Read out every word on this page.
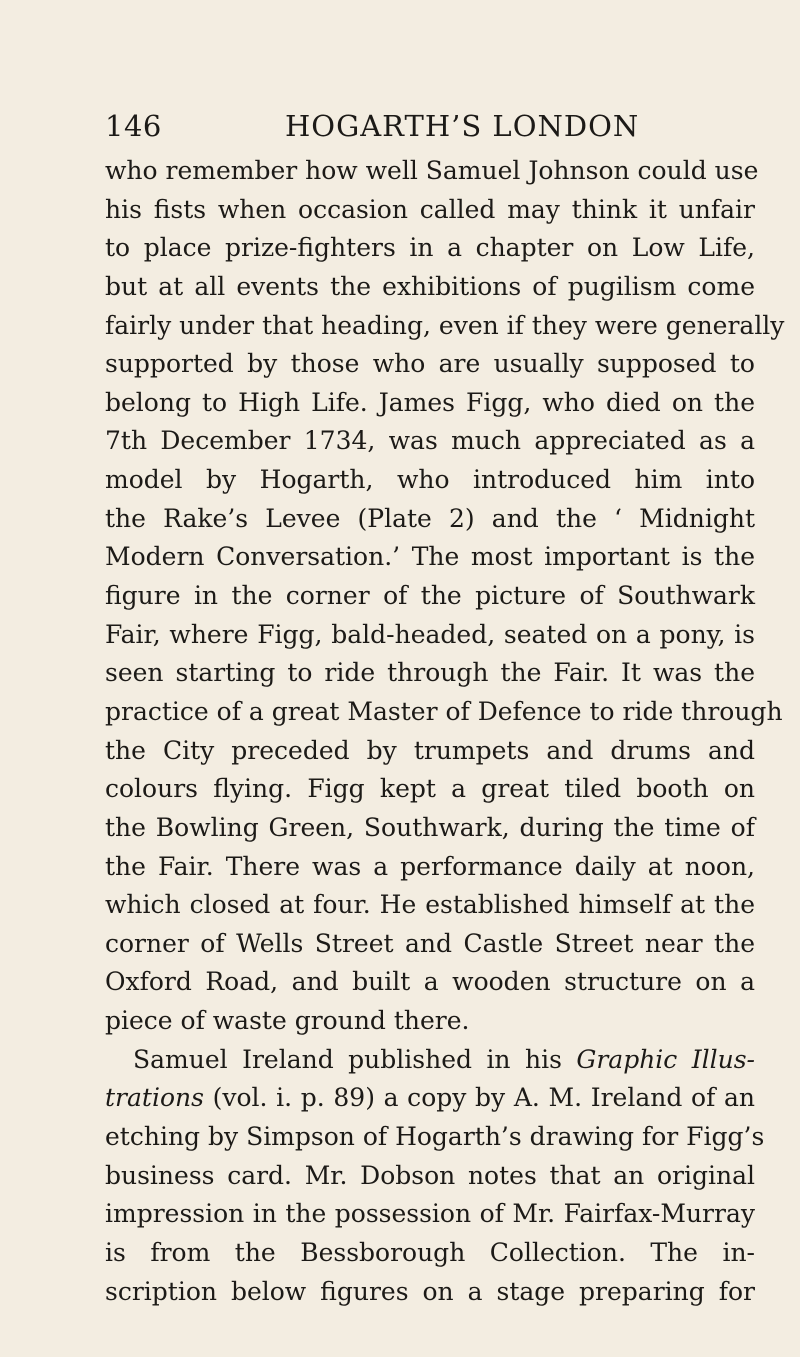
146	HOGARTH’S LONDON
who remember how well Samuel Johnson could use
his fists when occasion called may think it unfair
to place prize-fighters in a chapter on Low Life,
but at all events the exhibitions of pugilism come
fairly under that heading, even if they were generally
supported by those who are usually supposed to
belong to High Life. James Figg, who died on the
7th December 1734, was much appreciated as a
model by Hogarth, who introduced him into
the Rake’s Levee (Plate 2) and the ‘ Midnight
Modern Conversation.’ The most important is the
figure in the corner of the picture of Southwark
Fair, where Figg, bald-headed, seated on a pony, is
seen starting to ride through the Fair. It was the
practice of a great Master of Defence to ride through
the City preceded by trumpets and drums and
colours flying. Figg kept a great tiled booth on
the Bowling Green, Southwark, during the time of
the Fair. There was a performance daily at noon,
which closed at four. He established himself at the
corner of Wells Street and Castle Street near the
Oxford Road, and built a wooden structure on a
piece of waste ground there.
Samuel Ireland published in his Graphic Illus-
trations (vol. i. p. 89) a copy by A. M. Ireland of an
etching by Simpson of Hogarth’s drawing for Figg’s
business card. Mr. Dobson notes that an original
impression in the possession of Mr. Fairfax-Murray
is from the Bessborough Collection. The in-
scription below figures on a stage preparing for
